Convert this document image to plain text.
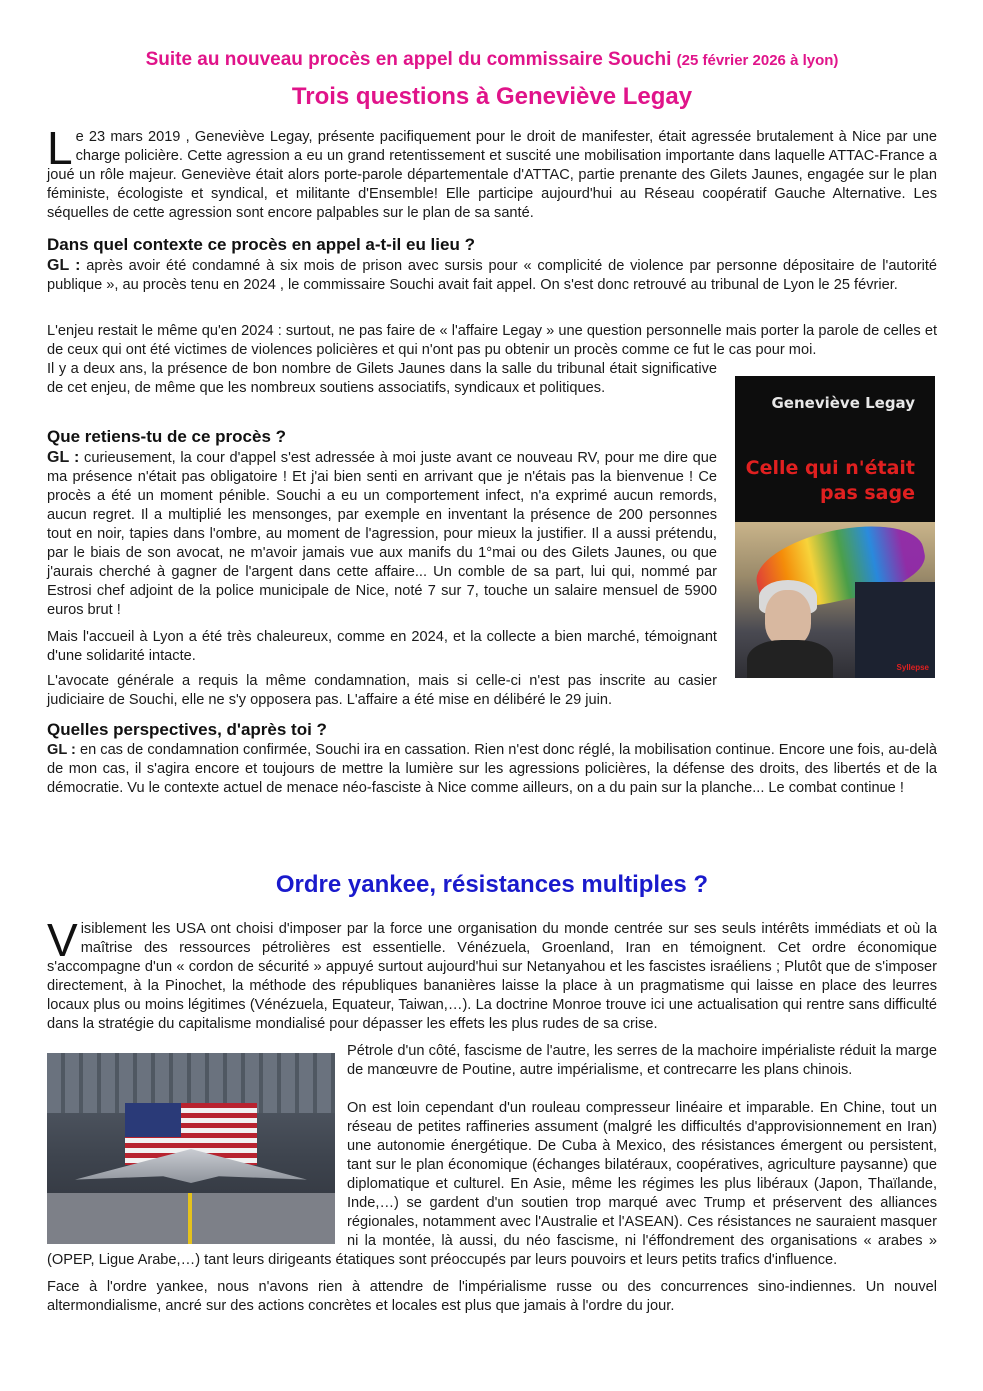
Suite au nouveau procès en appel du commissaire Souchi (25 février 2026 à lyon)
Trois questions à Geneviève Legay

Le 23 mars 2019 , Geneviève Legay, présente pacifiquement pour le droit de manifester, était agressée brutalement à Nice par une charge policière. Cette agression a eu un grand retentissement et suscité une mobilisation importante dans laquelle ATTAC-France a joué un rôle majeur. Geneviève était alors porte-parole départementale d'ATTAC, partie prenante des Gilets Jaunes, engagée sur le plan féministe, écologiste et syndical, et militante d'Ensemble! Elle participe aujourd'hui au Réseau coopératif Gauche Alternative. Les séquelles de cette agression sont encore palpables sur le plan de sa santé.

Dans quel contexte ce procès en appel a-t-il eu lieu ?

GL : après avoir été condamné à six mois de prison avec sursis pour « complicité de violence par personne dépositaire de l'autorité publique », au procès tenu en 2024 , le commissaire Souchi avait fait appel. On s'est donc retrouvé au tribunal de Lyon le 25 février.

L'enjeu restait le même qu'en 2024 : surtout, ne pas faire de « l'affaire Legay » une question personnelle mais porter la parole de celles et de ceux qui ont été victimes de violences policières et qui n'ont pas pu obtenir un procès comme ce fut le cas pour moi.

Il y a deux ans, la présence de bon nombre de Gilets Jaunes dans la salle du tribunal était significative de cet enjeu, de même que les nombreux soutiens associatifs, syndicaux et politiques.

Que retiens-tu de ce procès ?

GL : curieusement, la cour d'appel s'est adressée à moi juste avant ce nouveau RV, pour me dire que ma présence n'était pas obligatoire ! Et j'ai bien senti en arrivant que je n'étais pas la bienvenue ! Ce procès a été un moment pénible. Souchi a eu un comportement infect, n'a exprimé aucun remords, aucun regret. Il a multiplié les mensonges, par exemple en inventant la présence de 200 personnes tout en noir, tapies dans l'ombre, au moment de l'agression, pour mieux la justifier. Il a aussi prétendu, par le biais de son avocat, ne m'avoir jamais vue aux manifs du 1°mai ou des Gilets Jaunes, ou que j'aurais cherché à gagner de l'argent dans cette affaire... Un comble de sa part, lui qui, nommé par Estrosi chef adjoint de la police municipale de Nice, noté 7 sur 7, touche un salaire mensuel de 5900 euros brut !

Mais l'accueil à Lyon a été très chaleureux, comme en 2024, et la collecte a bien marché, témoignant d'une solidarité intacte.

L'avocate générale a requis la même condamnation, mais si celle-ci n'est pas inscrite au casier judiciaire de Souchi, elle ne s'y opposera pas. L'affaire a été mise en délibéré le 29 juin.

Quelles perspectives, d'après toi ?

GL : en cas de condamnation confirmée, Souchi ira en cassation. Rien n'est donc réglé, la mobilisation continue. Encore une fois, au-delà de mon cas, il s'agira encore et toujours de mettre la lumière sur les agressions policières, la défense des droits, des libertés et de la démocratie. Vu le contexte actuel de menace néo-fasciste à Nice comme ailleurs, on a du pain sur la planche... Le combat continue !

Geneviève Legay
Celle qui n'était
pas sage
Syllepse
Ordre yankee, résistances multiples ?

Visiblement les USA ont choisi d'imposer par la force une organisation du monde centrée sur ses seuls intérêts immédiats et où la maîtrise des ressources pétrolières est essentielle. Vénézuela, Groenland, Iran en témoignent. Cet ordre économique s'accompagne d'un « cordon de sécurité » appuyé surtout aujourd'hui sur Netanyahou et les fascistes israéliens ; Plutôt que de s'imposer directement, à la Pinochet, la méthode des républiques bananières laisse la place à un pragmatisme qui laisse en place des leurres locaux plus ou moins légitimes (Vénézuela, Equateur, Taiwan,…). La doctrine Monroe trouve ici une actualisation qui rentre sans difficulté dans la stratégie du capitalisme mondialisé pour dépasser les effets les plus rudes de sa crise.

Pétrole d'un côté, fascisme de l'autre, les serres de la machoire impérialiste réduit la marge de manœuvre de Poutine, autre impérialisme, et contrecarre les plans chinois.

On est loin cependant d'un rouleau compresseur linéaire et imparable. En Chine, tout un réseau de petites raffineries assument (malgré les difficultés d'approvisionnement en Iran) une autonomie énergétique. De Cuba à Mexico, des résistances émergent ou persistent, tant sur le plan économique (échanges bilatéraux, coopératives, agriculture paysanne) que diplomatique et culturel. En Asie, même les régimes les plus libéraux (Japon, Thaïlande, Inde,…) se gardent d'un soutien trop marqué avec Trump et préservent des alliances régionales, notamment avec l'Australie et l'ASEAN). Ces résistances ne sauraient masquer ni la montée, là aussi, du néo fascisme, ni l'éffondrement des organisations « arabes » (OPEP, Ligue Arabe,…) tant leurs dirigeants étatiques sont préoccupés par leurs pouvoirs et leurs petits trafics d'influence.

Face à l'ordre yankee, nous n'avons rien à attendre de l'impérialisme russe ou des concurrences sino-indiennes. Un nouvel altermondialisme, ancré sur des actions concrètes et locales est plus que jamais à l'ordre du jour.
